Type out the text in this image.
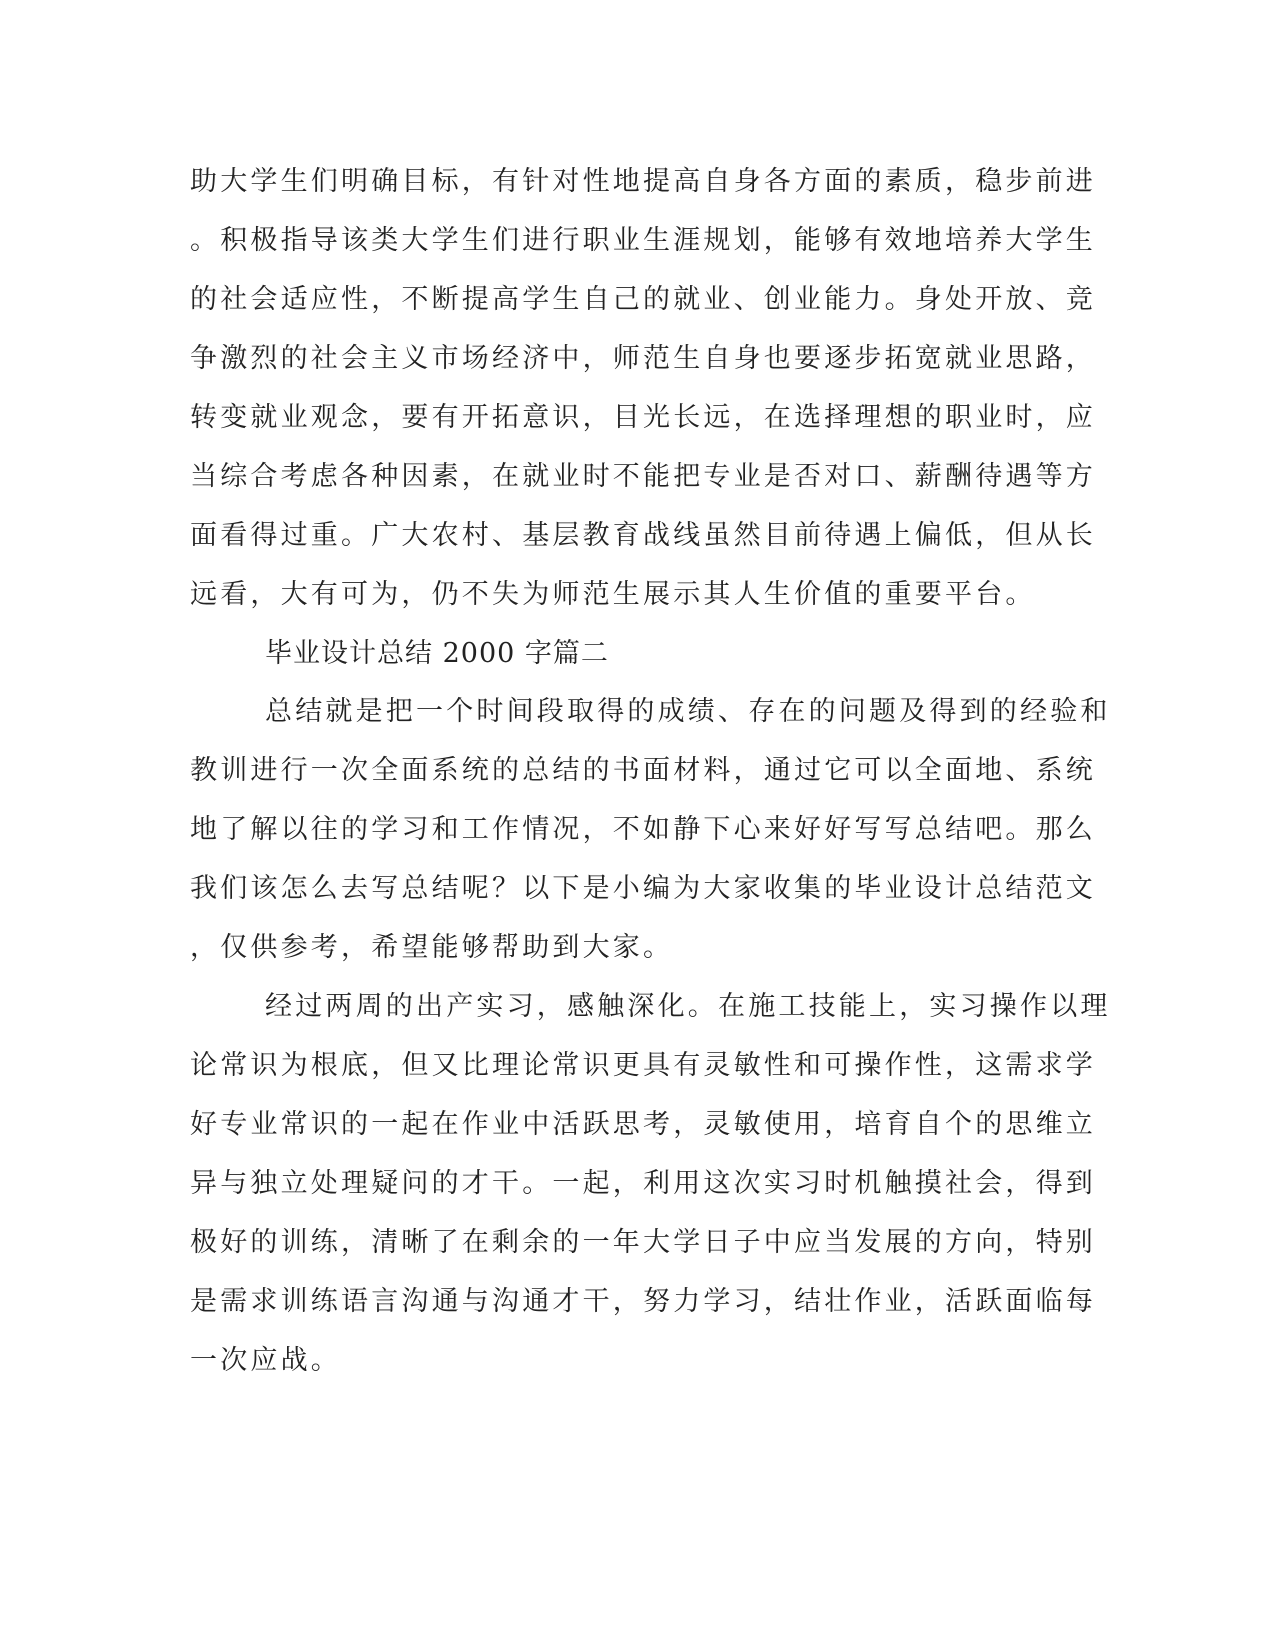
助大学生们明确目标，有针对性地提高自身各方面的素质，稳步前进
。积极指导该类大学生们进行职业生涯规划，能够有效地培养大学生
的社会适应性，不断提高学生自己的就业、创业能力。身处开放、竞
争激烈的社会主义市场经济中，师范生自身也要逐步拓宽就业思路，
转变就业观念，要有开拓意识，目光长远，在选择理想的职业时，应
当综合考虑各种因素，在就业时不能把专业是否对口、薪酬待遇等方
面看得过重。广大农村、基层教育战线虽然目前待遇上偏低，但从长
远看，大有可为，仍不失为师范生展示其人生价值的重要平台。
毕业设计总结 2000 字篇二
总结就是把一个时间段取得的成绩、存在的问题及得到的经验和
教训进行一次全面系统的总结的书面材料，通过它可以全面地、系统
地了解以往的学习和工作情况，不如静下心来好好写写总结吧。那么
我们该怎么去写总结呢？以下是小编为大家收集的毕业设计总结范文
，仅供参考，希望能够帮助到大家。
经过两周的出产实习，感触深化。在施工技能上，实习操作以理
论常识为根底，但又比理论常识更具有灵敏性和可操作性，这需求学
好专业常识的一起在作业中活跃思考，灵敏使用，培育自个的思维立
异与独立处理疑问的才干。一起，利用这次实习时机触摸社会，得到
极好的训练，清晰了在剩余的一年大学日子中应当发展的方向，特别
是需求训练语言沟通与沟通才干，努力学习，结壮作业，活跃面临每
一次应战。
